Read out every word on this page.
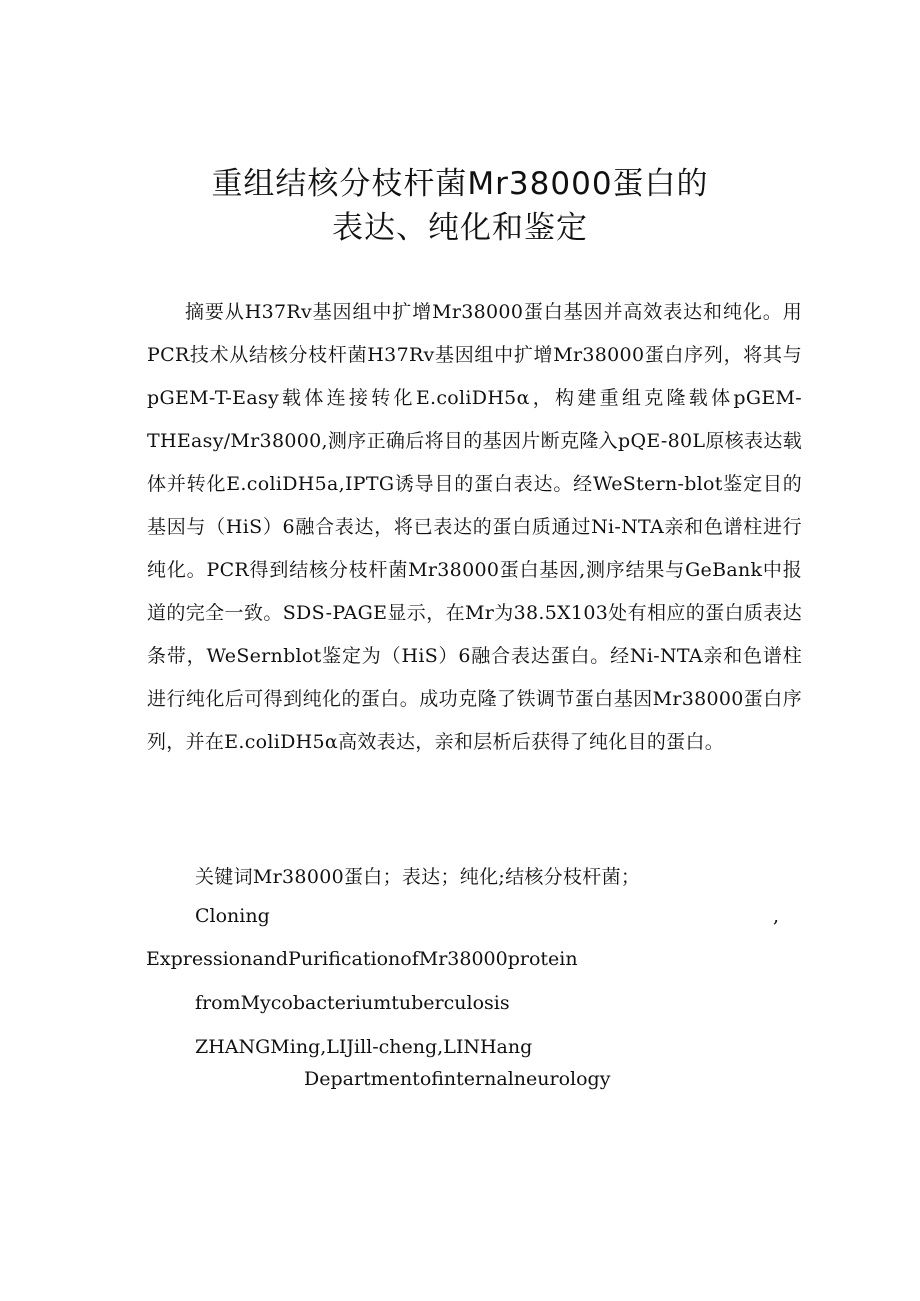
重组结核分枝杆菌Mr38000蛋白的
表达、纯化和鉴定
摘要从H37Rv基因组中扩增Mr38000蛋白基因并高效表达和纯化。用PCR技术从结核分枝杆菌H37Rv基因组中扩增Mr38000蛋白序列，将其与pGEM-T-Easy载体连接转化E.coliDH5α，构建重组克隆载体pGEM-THEasy/Mr38000,测序正确后将目的基因片断克隆入pQE-80L原核表达载体并转化E.coliDH5a,IPTG诱导目的蛋白表达。经WeStern-blot鉴定目的基因与（HiS）6融合表达，将已表达的蛋白质通过Ni-NTA亲和色谱柱进行纯化。PCR得到结核分枝杆菌Mr38000蛋白基因,测序结果与GeBank中报道的完全一致。SDS-PAGE显示，在Mr为38.5X103处有相应的蛋白质表达条带，WeSernblot鉴定为（HiS）6融合表达蛋白。经Ni-NTA亲和色谱柱进行纯化后可得到纯化的蛋白。成功克隆了铁调节蛋白基因Mr38000蛋白序列，并在E.coliDH5α高效表达，亲和层析后获得了纯化目的蛋白。
关键词Mr38000蛋白；表达；纯化;结核分枝杆菌；
Cloning	,
ExpressionandPurificationofMr38000protein
fromMycobacteriumtuberculosis
ZHANGMing,LIJill-cheng,LINHang
Departmentofinternalneurology
